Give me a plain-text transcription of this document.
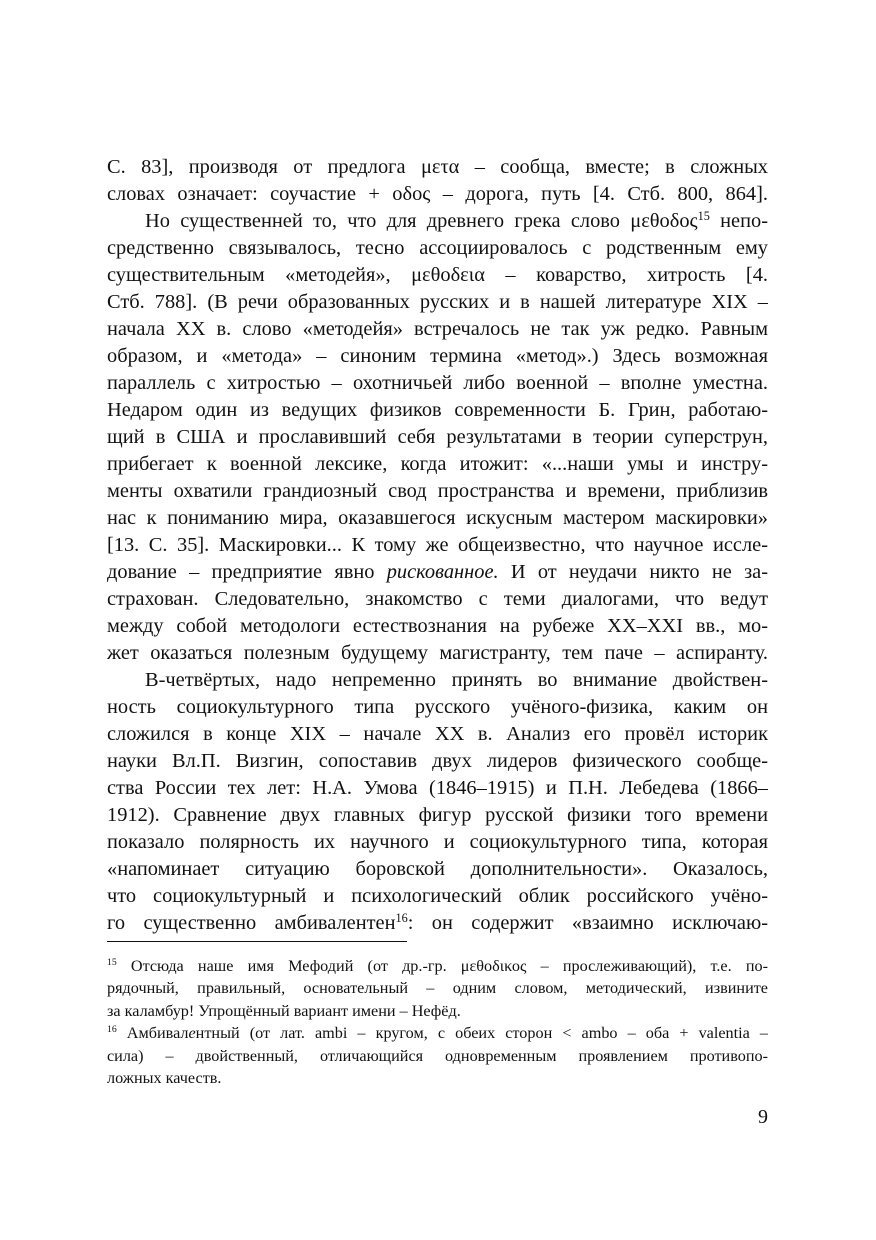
С. 83], производя от предлога μετα – сообща, вместе; в сложных
словах означает: соучастие + οδος – дорога, путь [4. Стб. 800, 864].
Но существенней то, что для древнего грека слово μεθοδος$^{15}$ непо-
средственно связывалось, тесно ассоциировалось с родственным ему
существительным «методейя», μεθοδεια – коварство, хитрость [4.
Стб. 788]. (В речи образованных русских и в нашей литературе XIX –
начала XX в. слово «методейя» встречалось не так уж редко. Равным
образом, и «метода» – синоним термина «метод».) Здесь возможная
параллель с хитростью – охотничьей либо военной – вполне уместна.
Недаром один из ведущих физиков современности Б. Грин, работаю-
щий в США и прославивший себя результатами в теории суперструн,
прибегает к военной лексике, когда итожит: «...наши умы и инстру-
менты охватили грандиозный свод пространства и времени, приблизив
нас к пониманию мира, оказавшегося искусным мастером маскировки»
[13. С. 35]. Маскировки... К тому же общеизвестно, что научное иссле-
дование – предприятие явно рискованное. И от неудачи никто не за-
страхован. Следовательно, знакомство с теми диалогами, что ведут
между собой методологи естествознания на рубеже XX–XXI вв., мо-
жет оказаться полезным будущему магистранту, тем паче – аспиранту.
В-четвёртых, надо непременно принять во внимание двойствен-
ность социокультурного типа русского учёного-физика, каким он
сложился в конце XIX – начале XX в. Анализ его провёл историк
науки Вл.П. Визгин, сопоставив двух лидеров физического сообще-
ства России тех лет: Н.А. Умова (1846–1915) и П.Н. Лебедева (1866–
1912). Сравнение двух главных фигур русской физики того времени
показало полярность их научного и социокультурного типа, которая
«напоминает ситуацию боровской дополнительности». Оказалось,
что социокультурный и психологический облик российского учёно-
го существенно амбивалентен$^{16}$: он содержит «взаимно исключаю-
$^{15}$ Отсюда наше имя Мефодий (от др.-гр. μεθοδικος – прослеживающий), т.е. по-
рядочный, правильный, основательный – одним словом, методический, извините
за каламбур! Упрощённый вариант имени – Нефёд.
$^{16}$ Амбивалентный (от лат. ambi – кругом, с обеих сторон < ambo – оба + valentia –
сила) – двойственный, отличающийся одновременным проявлением противопо-
ложных качеств.
9
